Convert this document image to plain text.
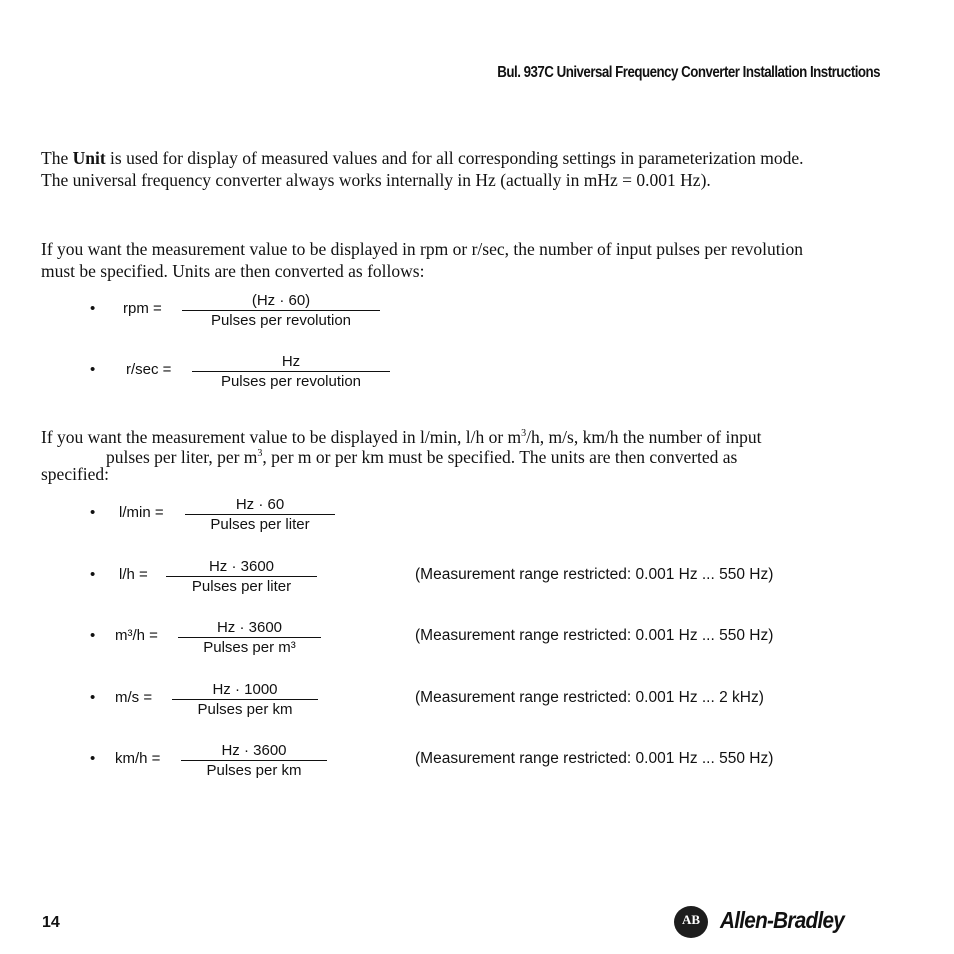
Bul. 937C Universal Frequency Converter Installation Instructions
The Unit is used for display of measured values and for all corresponding settings in parameterization mode.
The universal frequency converter always works internally in Hz (actually in mHz = 0.001 Hz).
If you want the measurement value to be displayed in rpm or r/sec, the number of input pulses per revolution
must be specified. Units are then converted as follows:
• rpm =	(Hz · 60)
Pulses per revolution
• r/sec =	Hz
Pulses per revolution
If you want the measurement value to be displayed in l/min, l/h or $m^3/h$, m/s, km/h the number of input
pulses per liter, per $m^3$, per m or per km must be specified. The units are then converted as
specified:
• l/min =	Hz · 60
Pulses per liter
• l/h =	Hz · 3600
Pulses per liter
(Measurement range restricted: 0.001 Hz ... 550 Hz)
• m³/h =	Hz · 3600
Pulses per m³
(Measurement range restricted: 0.001 Hz ... 550 Hz)
• m/s =	Hz · 1000
Pulses per km
(Measurement range restricted: 0.001 Hz ... 2 kHz)
• km/h =	Hz · 3600
Pulses per km
(Measurement range restricted: 0.001 Hz ... 550 Hz)
14	AB Allen-Bradley
